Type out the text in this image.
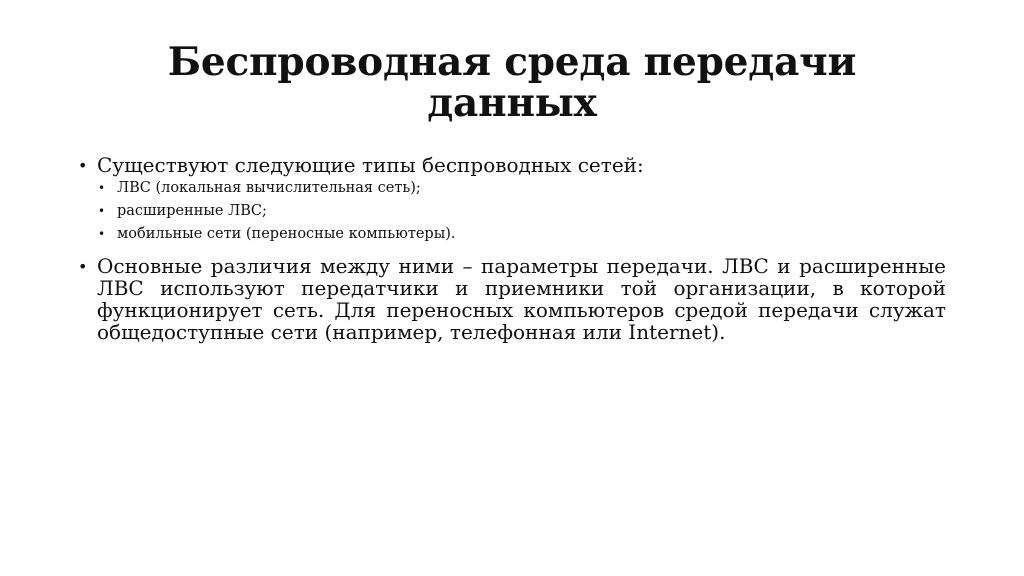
Беспроводная среда передачи
данных
• Существуют следующие типы беспроводных сетей:
• ЛВС (локальная вычислительная сеть);
• расширенные ЛВС;
• мобильные сети (переносные компьютеры).
• Основные различия между ними – параметры передачи. ЛВС и расширенные ЛВС используют передатчики и приемники той организации, в которой функционирует сеть. Для переносных компьютеров средой передачи служат общедоступные сети (например, телефонная или Internet).
